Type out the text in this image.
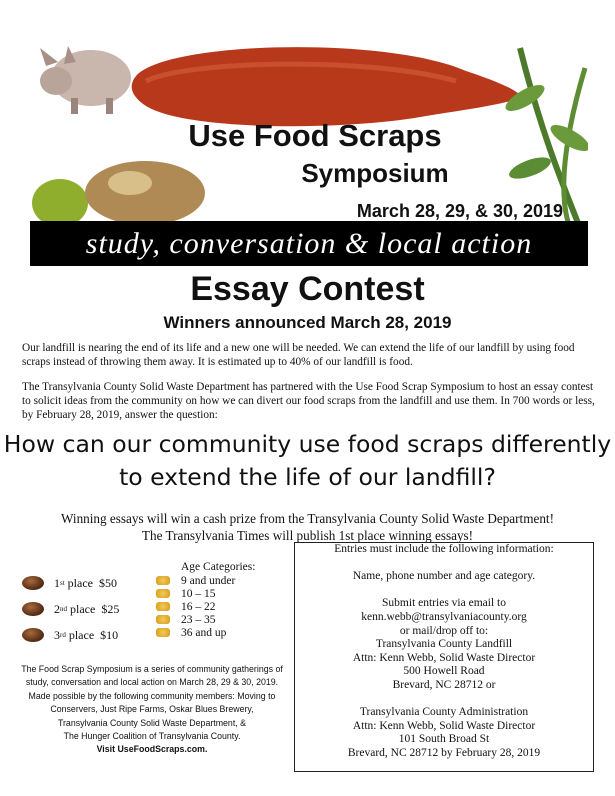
Use Food Scraps
Symposium
March 28, 29, & 30, 2019
study, conversation & local action
Essay Contest
Winners announced March 28, 2019
Our landfill is nearing the end of its life and a new one will be needed. We can extend the life of our landfill by using food scraps instead of throwing them away. It is estimated up to 40% of our landfill is food.
The Transylvania County Solid Waste Department has partnered with the Use Food Scrap Symposium to host an essay contest to solicit ideas from the community on how we can divert our food scraps from the landfill and use them. In 700 words or less, by February 28, 2019, answer the question:
How can our community use food scraps differently to extend the life of our landfill?
Winning essays will win a cash prize from the Transylvania County Solid Waste Department!
The Transylvania Times will publish 1st place winning essays!
1 st place  $50
2 nd place  $25
3 rd place  $10
Age Categories:
9 and under
10 – 15
16 – 22
23 – 35
36 and up
The Food Scrap Symposium is a series of community gatherings of
study, conversation and local action on March 28, 29 & 30, 2019.
Made possible by the following community members: Moving to
Conservers, Just Ripe Farms, Oskar Blues Brewery,
Transylvania County Solid Waste Department, &
The Hunger Coalition of Transylvania County.
Visit UseFoodScraps.com.
Entries must include the following information:

Name, phone number and age category.

Submit entries via email to
kenn.webb@transylvaniacounty.org
or mail/drop off to:
Transylvania County Landfill
Attn: Kenn Webb, Solid Waste Director
500 Howell Road
Brevard, NC 28712 or

Transylvania County Administration
Attn: Kenn Webb, Solid Waste Director
101 South Broad St
Brevard, NC 28712 by February 28, 2019
